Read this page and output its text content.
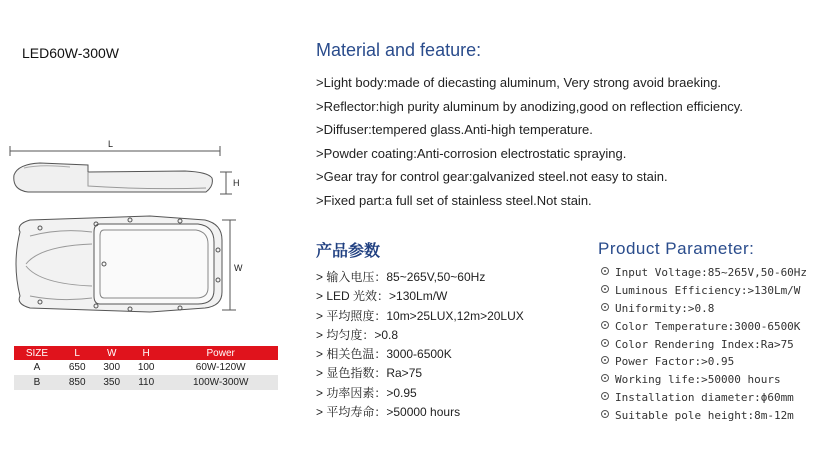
LED60W-300W
L
H
W
SIZE	L	W	H	Power
A	650	300	100	60W-120W
B	850	350	110	100W-300W
Material and feature:
>Light body:made of diecasting aluminum, Very strong avoid braeking.
>Reflector:high purity aluminum by anodizing,good on reflection efficiency.
>Diffuser:tempered glass.Anti-high temperature.
>Powder coating:Anti-corrosion electrostatic spraying.
>Gear tray for control gear:galvanized steel.not easy to stain.
>Fixed part:a full set of stainless steel.Not stain.
产品参数
> 输入电压：85~265V,50~60Hz
> LED 光效：>130Lm/W
> 平均照度：10m>25LUX,12m>20LUX
> 均匀度：>0.8
> 相关色温：3000-6500K
> 显色指数：Ra>75
> 功率因素：>0.95
> 平均寿命：>50000 hours
Product Parameter:
Input Voltage:85~265V,50-60Hz
Luminous Efficiency:>130Lm/W
Uniformity:>0.8
Color Temperature:3000-6500K
Color Rendering Index:Ra>75
Power Factor:>0.95
Working life:>50000 hours
Installation diameter:ϕ60mm
Suitable pole height:8m-12m
